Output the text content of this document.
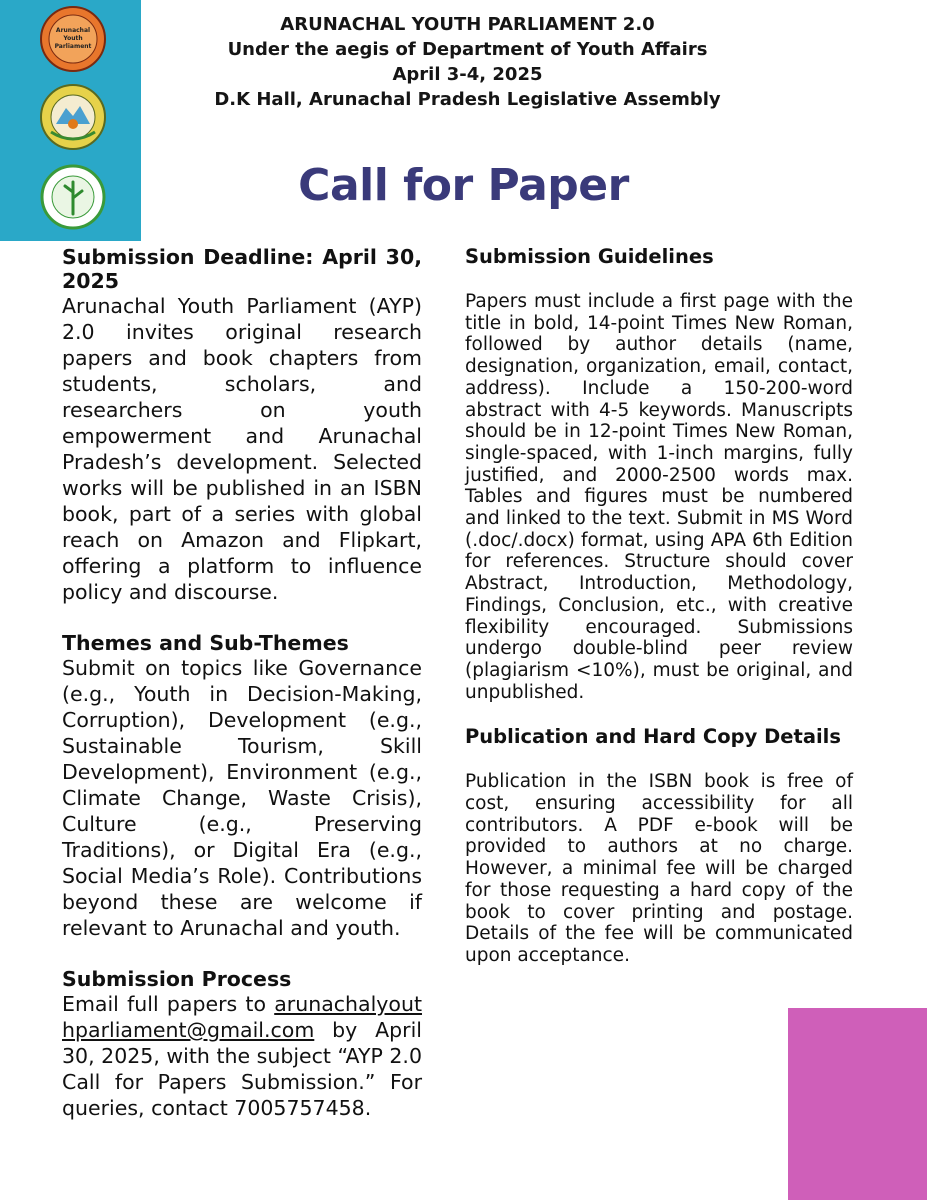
Arunachal
Youth
Parliament
ARUNACHAL YOUTH PARLIAMENT 2.0
Under the aegis of Department of Youth Affairs
April 3-4, 2025
D.K Hall, Arunachal Pradesh Legislative Assembly
Call for Paper
Submission Deadline: April 30, 2025

Arunachal Youth Parliament (AYP) 2.0 invites original research papers and book chapters from students, scholars, and researchers on youth empowerment and Arunachal Pradesh’s development. Selected works will be published in an ISBN book, part of a series with global reach on Amazon and Flipkart, offering a platform to influence policy and discourse.

Themes and Sub-Themes

Submit on topics like Governance (e.g., Youth in Decision-Making, Corruption), Development (e.g., Sustainable Tourism, Skill Development), Environment (e.g., Climate Change, Waste Crisis), Culture (e.g., Preserving Traditions), or Digital Era (e.g., Social Media’s Role). Contributions beyond these are welcome if relevant to Arunachal and youth.

Submission Process

Email full papers to arunachalyouthparliament@gmail.com by April 30, 2025, with the subject “AYP 2.0 Call for Papers Submission.” For queries, contact 7005757458.

Submission Guidelines

Papers must include a first page with the title in bold, 14-point Times New Roman, followed by author details (name, designation, organization, email, contact, address). Include a 150-200-word abstract with 4-5 keywords. Manuscripts should be in 12-point Times New Roman, single-spaced, with 1-inch margins, fully justified, and 2000-2500 words max. Tables and figures must be numbered and linked to the text. Submit in MS Word (.doc/.docx) format, using APA 6th Edition for references. Structure should cover Abstract, Introduction, Methodology, Findings, Conclusion, etc., with creative flexibility encouraged. Submissions undergo double-blind peer review (plagiarism <10%), must be original, and unpublished.

Publication and Hard Copy Details

Publication in the ISBN book is free of cost, ensuring accessibility for all contributors. A PDF e-book will be provided to authors at no charge. However, a minimal fee will be charged for those requesting a hard copy of the book to cover printing and postage. Details of the fee will be communicated upon acceptance.
